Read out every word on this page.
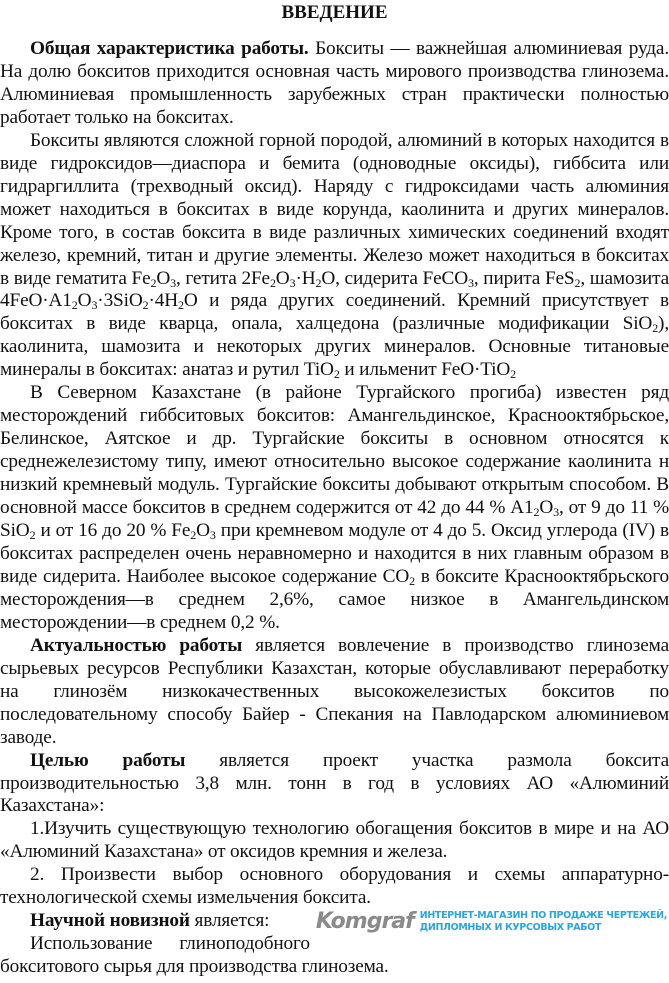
ВВЕДЕНИЕ

Общая характеристика работы. Бокситы — важнейшая алюминиевая руда. На долю бокситов приходится основная часть мирового производства глинозема. Алюминиевая промышленность зарубежных стран практически полностью работает только на бокситах.

Бокситы являются сложной горной породой, алюминий в которых находится в виде гидроксидов—диаспора и бемита (одноводные оксиды), гиббсита или гидраргиллита (трехводный оксид). Наряду с гидроксидами часть алюминия может находиться в бокситах в виде корунда, каолинита и других минералов. Кроме того, в состав боксита в виде различных химических соединений входят железо, кремний, титан и другие элементы. Железо может находиться в бокситах в виде гематита $Fe_2O_3$, гетита $2Fe_2O_3\cdot H_2O$, сидерита FeCO$_3$, пирита FeS$_2$, шамозита $4FeO\cdot A1_2O_3\cdot 3SiO_2\cdot 4H_2O$ и ряда других соединений. Кремний присутствует в бокситах в виде кварца, опала, халцедона (различные модификации SiO$_2$), каолинита, шамозита и некоторых других минералов. Основные титановые минералы в бокситах: анатаз и рутил TiO$_2$ и ильменит FeO·TiO$_2$

В Северном Казахстане (в районе Тургайского прогиба) известен ряд месторождений гиббситовых бокситов: Амангельдинское, Краснооктябрьское, Белинское, Аятское и др. Тургайские бокситы в основном относятся к среднежелезистому типу, имеют относительно высокое содержание каолинита н низкий кремневый модуль. Тургайские бокситы добывают открытым способом. В основной массе бокситов в среднем содержится от 42 до 44 % $A1_2O_3$, от 9 до 11 % SiO$_2$ и от 16 до 20 % $Fe_2O_3$ при кремневом модуле от 4 до 5. Оксид углерода (IV) в бокситах распределен очень неравномерно и находится в них главным образом в виде сидерита. Наиболее высокое содержание $CO_2$ в боксите Краснооктябрьского месторождения—в среднем 2,6%, самое низкое в Амангельдинском месторождении—в среднем 0,2 %.

Актуальностью работы является вовлечение в производство глинозема сырьевых ресурсов Республики Казахстан, которые обуславливают переработку на глинозём низкокачественных высокожелезистых бокситов по последовательному способу Байер - Спекания на Павлодарском алюминиевом заводе.

Целью работы является проект участка размола боксита производительностью 3,8 млн. тонн в год в условиях АО «Алюминий Казахстана»:

1.Изучить существующую технологию обогащения бокситов в мире и на АО «Алюминий Казахстана» от оксидов кремния и железа.

2. Произвести выбор основного оборудования и схемы аппаратурно-технологической схемы измельчения боксита.

Komgraf ИНТЕРНЕТ-МАГАЗИН ПО ПРОДАЖЕ ЧЕРТЕЖЕЙ,
ДИПЛОМНЫХ И КУРСОВЫХ РАБОТ
Научной новизной является:

Использование глиноподобного бокситового сырья для производства глинозема.
